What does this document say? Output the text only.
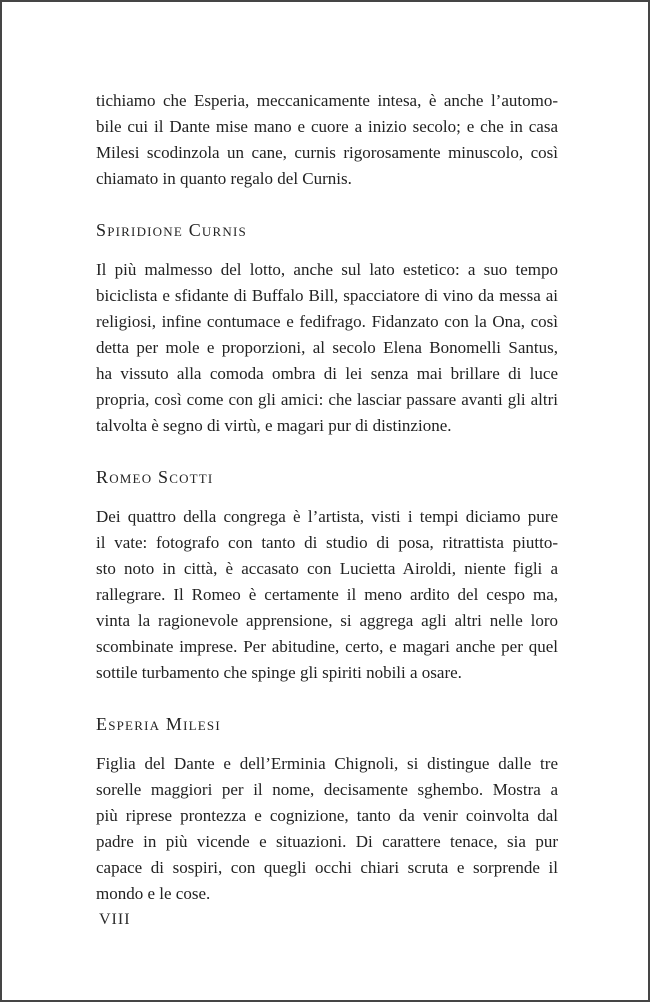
tichiamo che Esperia, meccanicamente intesa, è anche l’automo-
bile cui il Dante mise mano e cuore a inizio secolo; e che in casa
Milesi scodinzola un cane, curnis rigorosamente minuscolo, così
chiamato in quanto regalo del Curnis.
Spiridione Curnis
Il più malmesso del lotto, anche sul lato estetico: a suo tempo
biciclista e sfidante di Buffalo Bill, spacciatore di vino da messa ai
religiosi, infine contumace e fedifrago. Fidanzato con la Ona, così
detta per mole e proporzioni, al secolo Elena Bonomelli Santus,
ha vissuto alla comoda ombra di lei senza mai brillare di luce
propria, così come con gli amici: che lasciar passare avanti gli altri
talvolta è segno di virtù, e magari pur di distinzione.
Romeo Scotti
Dei quattro della congrega è l’artista, visti i tempi diciamo pure
il vate: fotografo con tanto di studio di posa, ritrattista piutto-
sto noto in città, è accasato con Lucietta Airoldi, niente figli a
rallegrare. Il Romeo è certamente il meno ardito del cespo ma,
vinta la ragionevole apprensione, si aggrega agli altri nelle loro
scombinate imprese. Per abitudine, certo, e magari anche per quel
sottile turbamento che spinge gli spiriti nobili a osare.
Esperia Milesi
Figlia del Dante e dell’Erminia Chignoli, si distingue dalle tre
sorelle maggiori per il nome, decisamente sghembo. Mostra a
più riprese prontezza e cognizione, tanto da venir coinvolta dal
padre in più vicende e situazioni. Di carattere tenace, sia pur
capace di sospiri, con quegli occhi chiari scruta e sorprende il
mondo e le cose.
VIII
